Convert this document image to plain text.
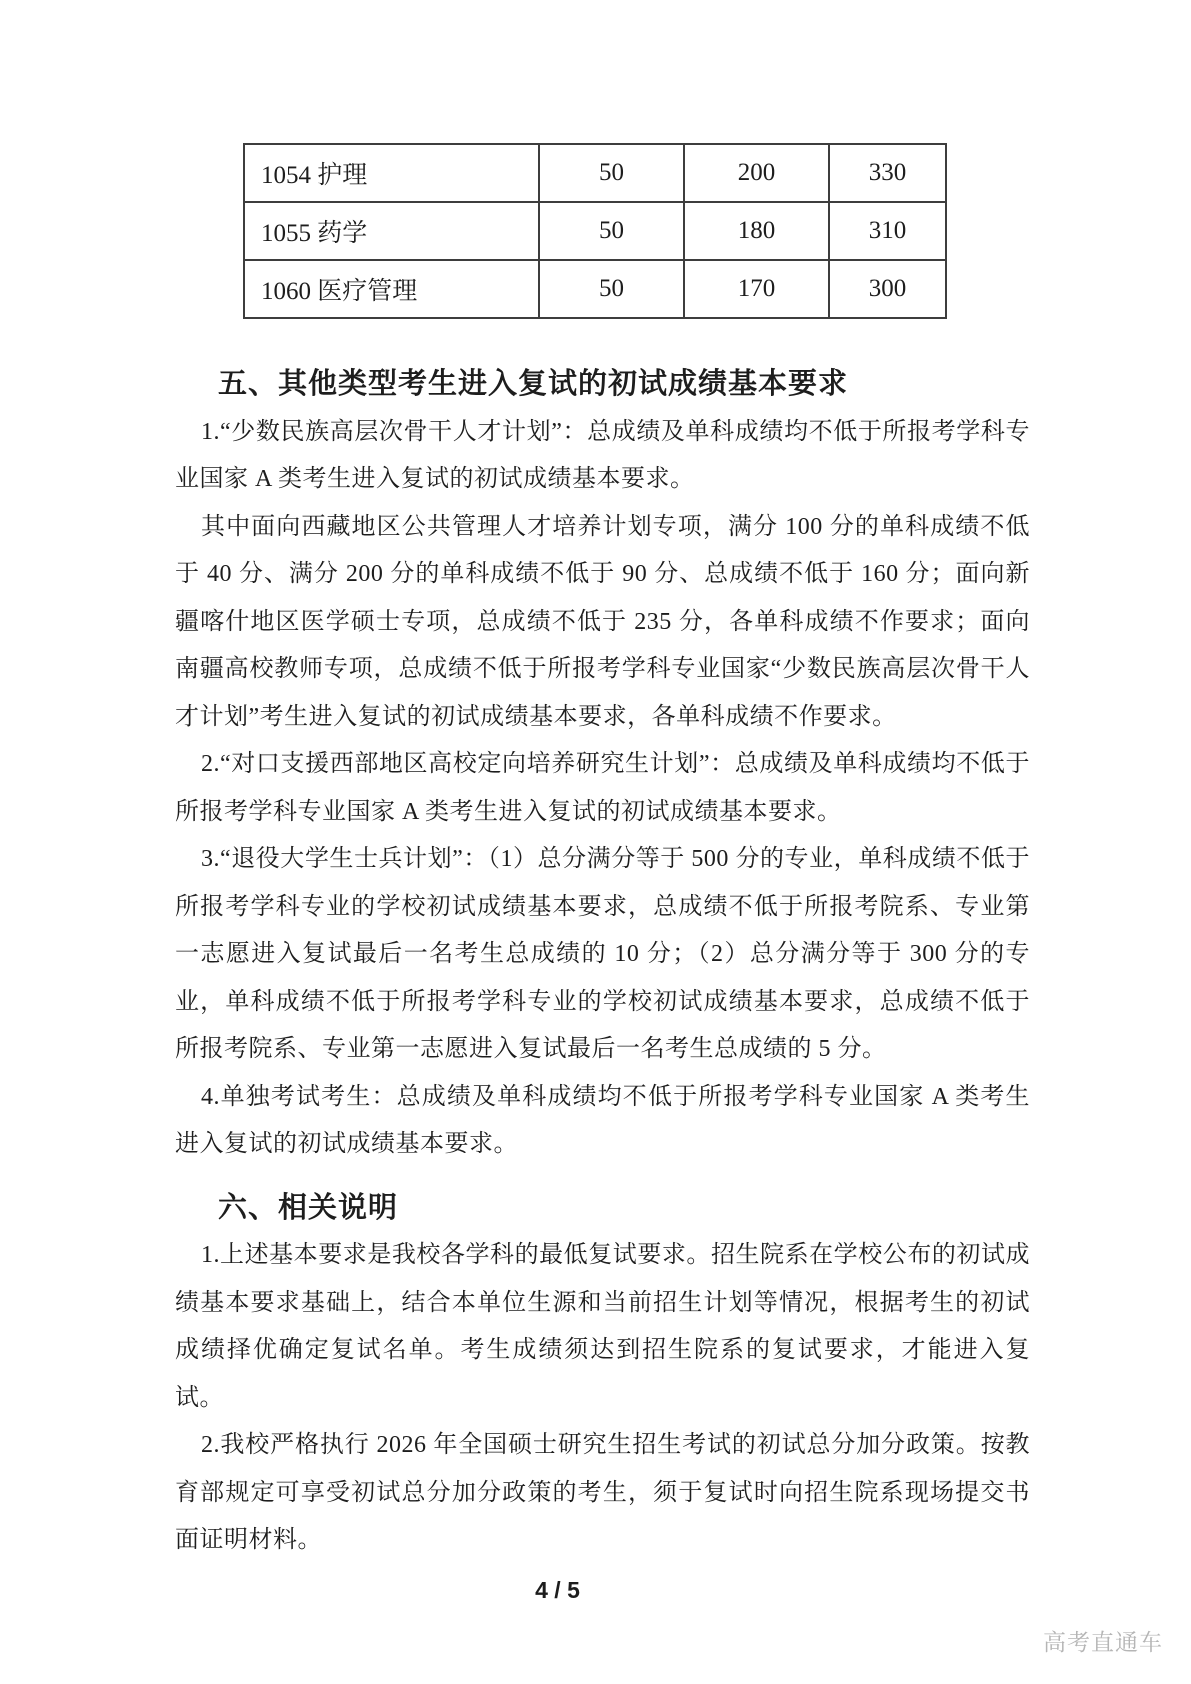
1054 护理	50	200	330
1055 药学	50	180	310
1060 医疗管理	50	170	300
五、其他类型考生进入复试的初试成绩基本要求

1.“少数民族高层次骨干人才计划”：总成绩及单科成绩均不低于所报考学科专业国家 A 类考生进入复试的初试成绩基本要求。

其中面向西藏地区公共管理人才培养计划专项，满分 100 分的单科成绩不低于 40 分、满分 200 分的单科成绩不低于 90 分、总成绩不低于 160 分；面向新疆喀什地区医学硕士专项，总成绩不低于 235 分，各单科成绩不作要求；面向南疆高校教师专项，总成绩不低于所报考学科专业国家“少数民族高层次骨干人才计划”考生进入复试的初试成绩基本要求，各单科成绩不作要求。

2.“对口支援西部地区高校定向培养研究生计划”：总成绩及单科成绩均不低于所报考学科专业国家 A 类考生进入复试的初试成绩基本要求。

3.“退役大学生士兵计划”：（1）总分满分等于 500 分的专业，单科成绩不低于所报考学科专业的学校初试成绩基本要求，总成绩不低于所报考院系、专业第一志愿进入复试最后一名考生总成绩的 10 分；（2）总分满分等于 300 分的专业，单科成绩不低于所报考学科专业的学校初试成绩基本要求，总成绩不低于所报考院系、专业第一志愿进入复试最后一名考生总成绩的 5 分。

4.单独考试考生：总成绩及单科成绩均不低于所报考学科专业国家 A 类考生进入复试的初试成绩基本要求。

六、相关说明

1.上述基本要求是我校各学科的最低复试要求。招生院系在学校公布的初试成绩基本要求基础上，结合本单位生源和当前招生计划等情况，根据考生的初试成绩择优确定复试名单。考生成绩须达到招生院系的复试要求，才能进入复试。

2.我校严格执行 2026 年全国硕士研究生招生考试的初试总分加分政策。按教育部规定可享受初试总分加分政策的考生，须于复试时向招生院系现场提交书面证明材料。

4 / 5
高考直通车
